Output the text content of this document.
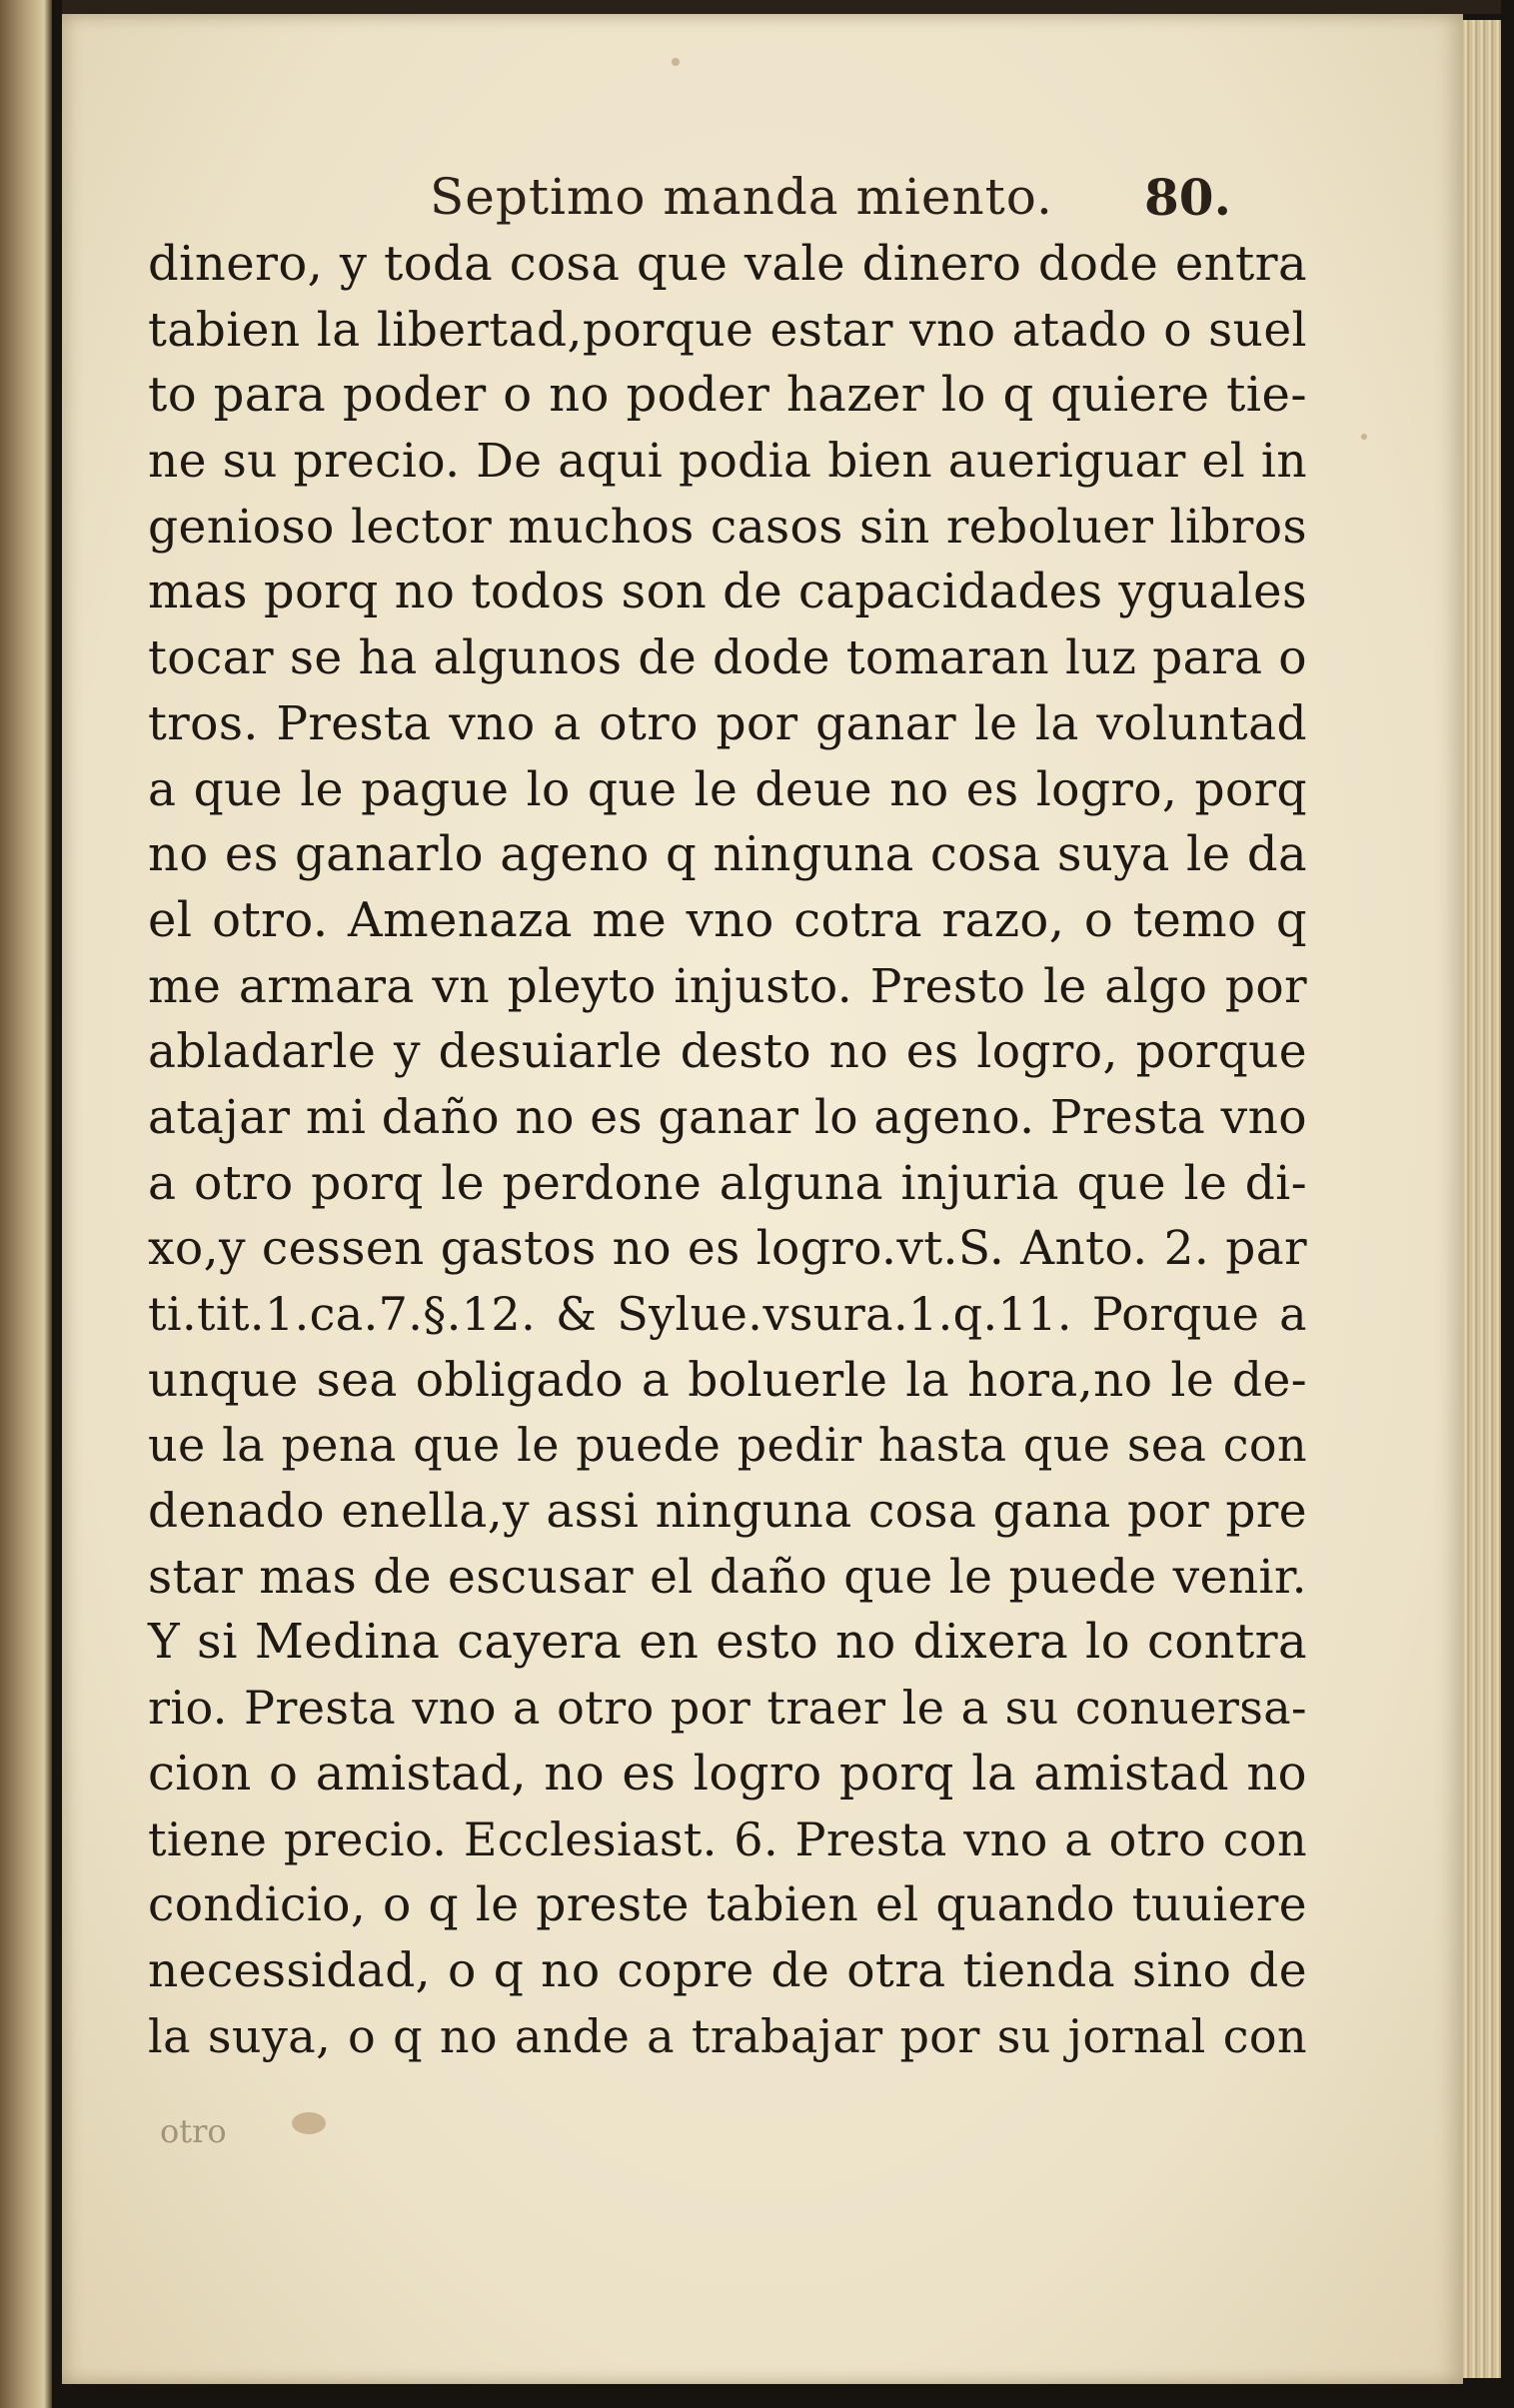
Septimo manda miento. 80.
dinero, y toda cosa que vale dinero dode entra
tabien la libertad,porque estar vno atado o suel
to para poder o no poder hazer lo q quiere tie-
ne su precio. De aqui podia bien aueriguar el in
genioso lector muchos casos sin reboluer libros
mas porq no todos son de capacidades yguales
tocar se ha algunos de dode tomaran luz para o
tros. Presta vno a otro por ganar le la voluntad
a que le pague lo que le deue no es logro, porq
no es ganarlo ageno q ninguna cosa suya le da
el otro. Amenaza me vno cotra razo, o temo q
me armara vn pleyto injusto. Presto le algo por
abladarle y desuiarle desto no es logro, porque
atajar mi daño no es ganar lo ageno. Presta vno
a otro porq le perdone alguna injuria que le di-
xo,y cessen gastos no es logro.vt.S. Anto. 2. par
ti.tit.1.ca.7.§.12. & Sylue.vsura.1.q.11. Porque a
unque sea obligado a boluerle la hora,no le de-
ue la pena que le puede pedir hasta que sea con
denado enella,y assi ninguna cosa gana por pre
star mas de escusar el daño que le puede venir.
Y si Medina cayera en esto no dixera lo contra
rio. Presta vno a otro por traer le a su conuersa-
cion o amistad, no es logro porq la amistad no
tiene precio. Ecclesiast. 6. Presta vno a otro con
condicio, o q le preste tabien el quando tuuiere
necessidad, o q no copre de otra tienda sino de
la suya, o q no ande a trabajar por su jornal con
otro
